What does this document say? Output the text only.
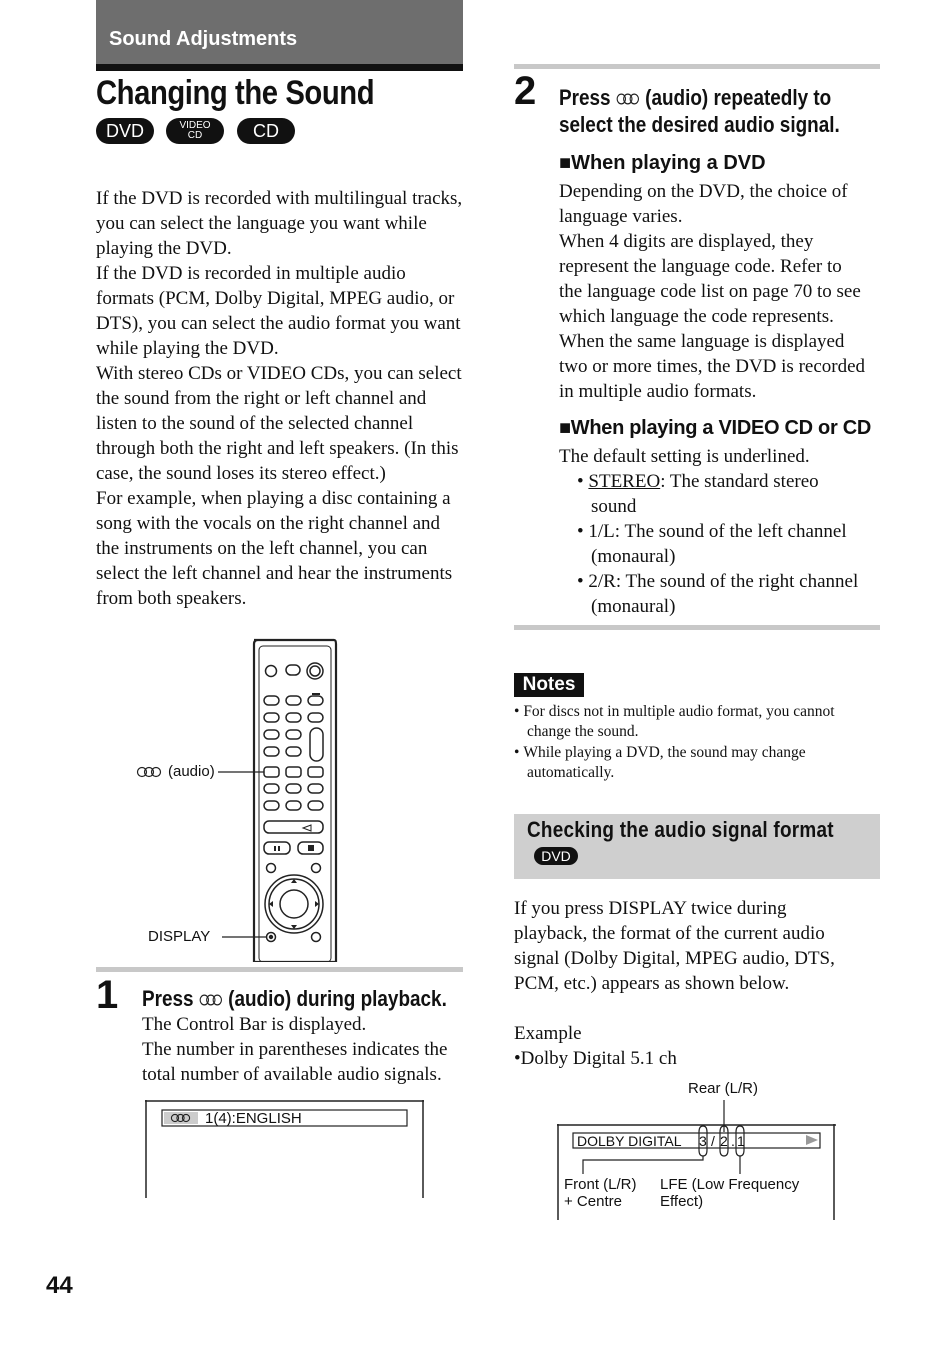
Sound Adjustments
Changing the Sound
DVD	VIDEO
CD	CD

If the DVD is recorded with multilingual tracks, you can select the language you want while playing the DVD.

If the DVD is recorded in multiple audio formats (PCM, Dolby Digital, MPEG audio, or DTS), you can select the audio format you want while playing the DVD.

With stereo CDs or VIDEO CDs, you can select the sound from the right or left channel and listen to the sound of the selected channel through both the right and left speakers. (In this case, the sound loses its stereo effect.)

For example, when playing a disc containing a song with the vocals on the right channel and the instruments on the left channel, you can select the left channel and hear the instruments from both speakers.

(audio)
DISPLAY
1 Press (audio) during playback.
The Control Bar is displayed.
The number in parentheses indicates the total number of available audio signals.
1(4):ENGLISH
2 Press (audio) repeatedly to
select the desired audio signal.
■When playing a DVD
Depending on the DVD, the choice of
language varies.
When 4 digits are displayed, they
represent the language code. Refer to
the language code list on page 70 to see
which language the code represents.
When the same language is displayed
two or more times, the DVD is recorded
in multiple audio formats.
■When playing a VIDEO CD or CD
The default setting is underlined.
• STEREO: The standard stereo
sound
• 1/L: The sound of the left channel
(monaural)
• 2/R: The sound of the right channel
(monaural)
Notes
• For discs not in multiple audio format, you cannot
change the sound.
• While playing a DVD, the sound may change
automatically.
Checking the audio signal format
DVD
If you press DISPLAY twice during
playback, the format of the current audio
signal (Dolby Digital, MPEG audio, DTS,
PCM, etc.) appears as shown below.
Example
•Dolby Digital 5.1 ch
Rear (L/R)
DOLBY DIGITAL 3 / 2 . 1
Front (L/R)
+ Centre
LFE (Low Frequency
Effect)
44
